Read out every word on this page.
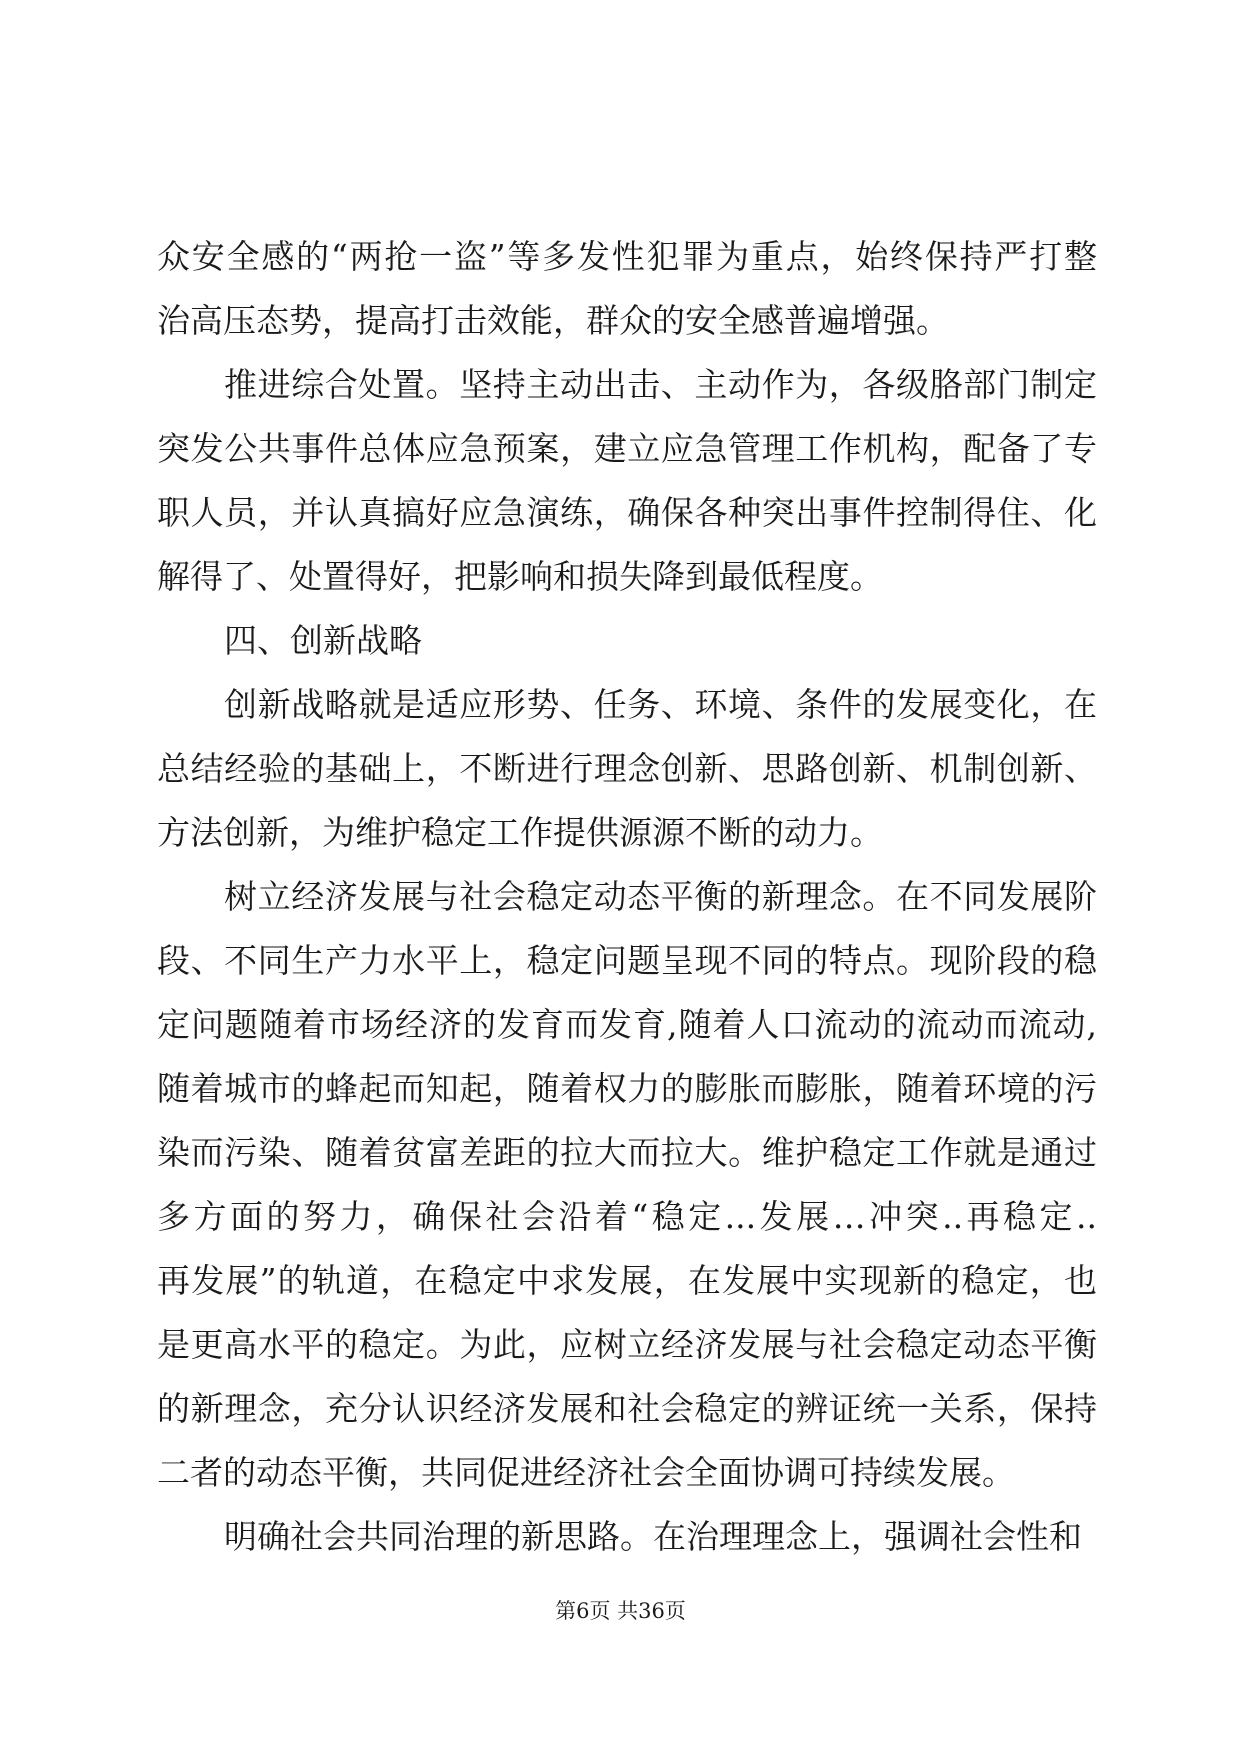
众安全感的“两抢一盗”等多发性犯罪为重点，始终保持严打整
治高压态势，提高打击效能，群众的安全感普遍增强。
推进综合处置。坚持主动出击、主动作为，各级胳部门制定
突发公共事件总体应急预案，建立应急管理工作机构，配备了专
职人员，并认真搞好应急演练，确保各种突出事件控制得住、化
解得了、处置得好，把影响和损失降到最低程度。
四、创新战略
创新战略就是适应形势、任务、环境、条件的发展变化，在
总结经验的基础上，不断进行理念创新、思路创新、机制创新、
方法创新，为维护稳定工作提供源源不断的动力。
树立经济发展与社会稳定动态平衡的新理念。在不同发展阶
段、不同生产力水平上，稳定问题呈现不同的特点。现阶段的稳
定问题随着市场经济的发育而发育,随着人口流动的流动而流动,
随着城市的蜂起而知起，随着权力的膨胀而膨胀，随着环境的污
染而污染、随着贫富差距的拉大而拉大。维护稳定工作就是通过
多方面的努力，确保社会沿着“稳定...发展…冲突..再稳定..
再发展”的轨道，在稳定中求发展，在发展中实现新的稳定，也
是更高水平的稳定。为此，应树立经济发展与社会稳定动态平衡
的新理念，充分认识经济发展和社会稳定的辨证统一关系，保持
二者的动态平衡，共同促进经济社会全面协调可持续发展。
明确社会共同治理的新思路。在治理理念上，强调社会性和
第6页 共36页
